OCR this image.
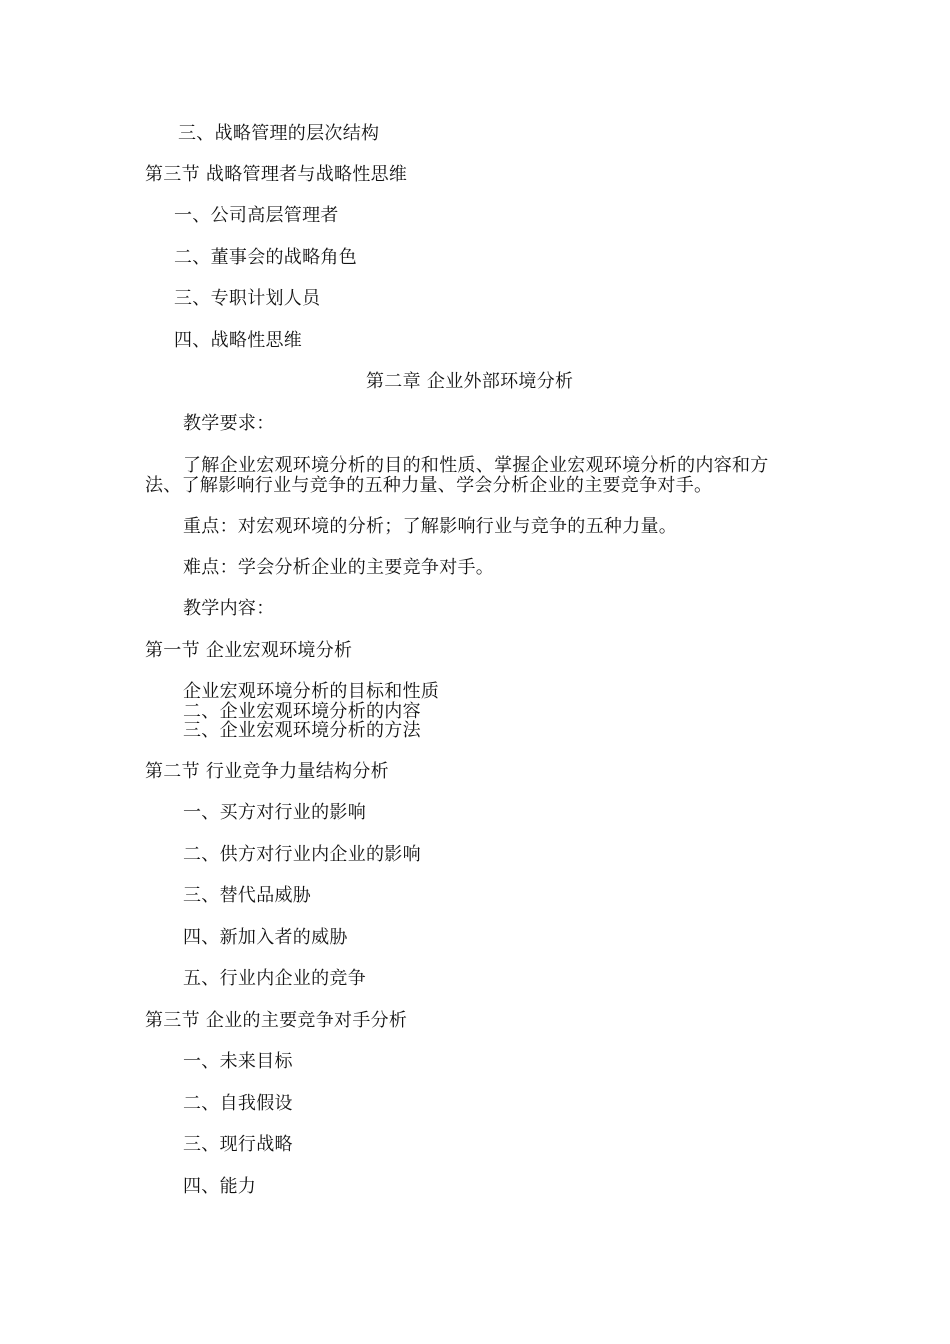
三、战略管理的层次结构
第三节 战略管理者与战略性思维
一、公司高层管理者
二、董事会的战略角色
三、专职计划人员
四、战略性思维
第二章 企业外部环境分析
教学要求：
了解企业宏观环境分析的目的和性质、掌握企业宏观环境分析的内容和方法、了解影响行业与竞争的五种力量、学会分析企业的主要竞争对手。
重点：对宏观环境的分析；了解影响行业与竞争的五种力量。
难点：学会分析企业的主要竞争对手。
教学内容：
第一节 企业宏观环境分析
企业宏观环境分析的目标和性质
二、企业宏观环境分析的内容
三、企业宏观环境分析的方法
第二节 行业竞争力量结构分析
一、买方对行业的影响
二、供方对行业内企业的影响
三、替代品威胁
四、新加入者的威胁
五、行业内企业的竞争
第三节 企业的主要竞争对手分析
一、未来目标
二、自我假设
三、现行战略
四、能力
